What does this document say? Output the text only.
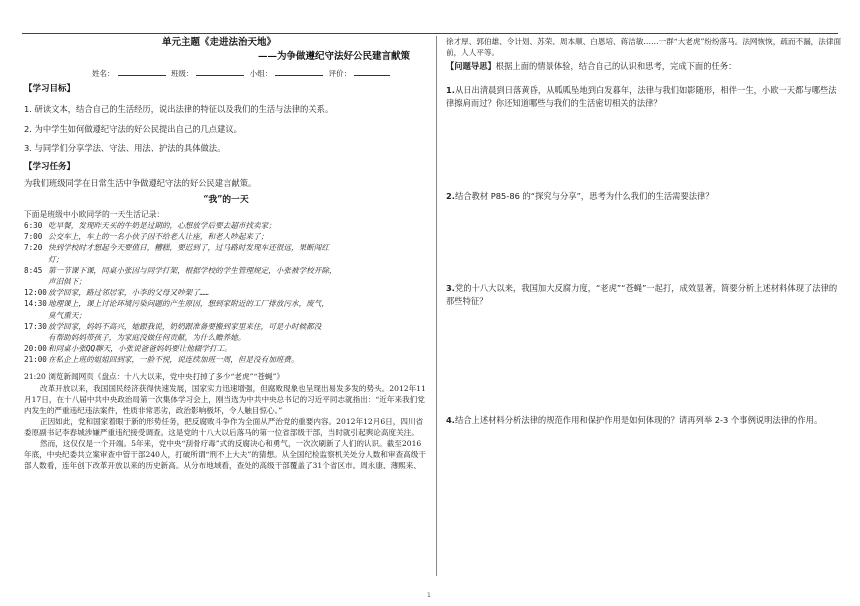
单元主题《走进法治天地》
——为争做遵纪守法好公民建言献策
姓名：	班级：	小组：	评价：
【学习目标】
1. 研读文本，结合自己的生活经历，说出法律的特征以及我们的生活与法律的关系。
2. 为中学生如何做遵纪守法的好公民提出自己的几点建议。
3. 与同学们分享学法、守法、用法、护法的具体做法。
【学习任务】
为我们班级同学在日常生活中争做遵纪守法的好公民建言献策。
“我”的一天
下面是班级中小欧同学的一天生活记录：
6:30 吃早餐，发现昨天买的牛奶是过期的，心想放学后要去超市找卖家；
7:00 公交车上，车上的一名小伙子因不给老人让座，和老人吵起来了；
7:20 快到学校时才想起今天要值日，糟糕，要迟到了，过马路时发现车还很远，果断闯红
灯；
8:45 第一节课下课，同桌小张因与同学打架，根据学校的学生管理规定，小张被学校开除，
声泪俱下；
12:00 放学回家，路过邻居家，小李的父母又吵架了……
14:30 地理课上，课上讨论环境污染问题的产生原因，想到家附近的工厂排放污水，废气，
臭气熏天；
17:30 放学回家，妈妈不高兴，她跟我说，奶奶跟准备要搬到家里来住，可是小时候都没
有帮助妈妈带孩子，为家庭没做任何贡献，为什么赡养她。
20:00 和同桌小张QQ聊天，小张说爸爸妈妈要让他辍学打工。
21:00 在私企上班的姐姐回到家，一脸不悦，说连续加班一周，但是没有加班费。
21:20 浏览新闻网页《盘点：十八大以来，党中央打掉了多少“老虎”“苍蝇”》
改革开放以来，我国国民经济获得快速发展，国家实力迅速增强，但腐败现象也呈现出易发多发的势头。2012年11月17日，在十八届中共中央政治局第一次集体学习会上，刚当选为中共中央总书记的习近平同志就指出：“近年来我们党内发生的严重违纪违法案件，性质非常恶劣，政治影响极坏，令人触目惊心。”
正因如此，党和国家着眼于新的形势任务，把反腐败斗争作为全面从严治党的重要内容。2012年12月6日，四川省委原副书记李春城涉嫌严重违纪接受调查。这是党的十八大以后落马的第一位省部级干部，当时就引起舆论高度关注。
然而，这仅仅是一个开端。5年来，党中央“刮骨疗毒”式的反腐决心和勇气，一次次刷新了人们的认识。截至2016年底，中央纪委共立案审查中管干部240人，打破所谓“刑不上大夫”的猜想。从全国纪检监察机关处分人数和审查高级干部人数看，连年创下改革开放以来的历史新高。从分布地域看，查处的高级干部覆盖了31个省区市。周永康、薄熙来、
徐才厚、郭伯雄、令计划、苏荣、周本顺、白恩培、蒋洁敏……一群“大老虎”纷纷落马。法网恢恢，疏而不漏，法律面前，人人平等。
【问题导思】根据上面的情景体验，结合自己的认识和思考，完成下面的任务：
1.从日出清晨到日落黄昏，从呱呱坠地到白发暮年，法律与我们如影随形，相伴一生，小欧一天都与哪些法律擦肩而过？你还知道哪些与我们的生活密切相关的法律？
2.结合教材 P85-86 的“探究与分享”，思考为什么我们的生活需要法律？
3.党的十八大以来，我国加大反腐力度，“老虎”“苍蝇”一起打，成效显著，简要分析上述材料体现了法律的那些特征？
4.结合上述材料分析法律的规范作用和保护作用是如何体现的？请再列举 2-3 个事例说明法律的作用。
1
